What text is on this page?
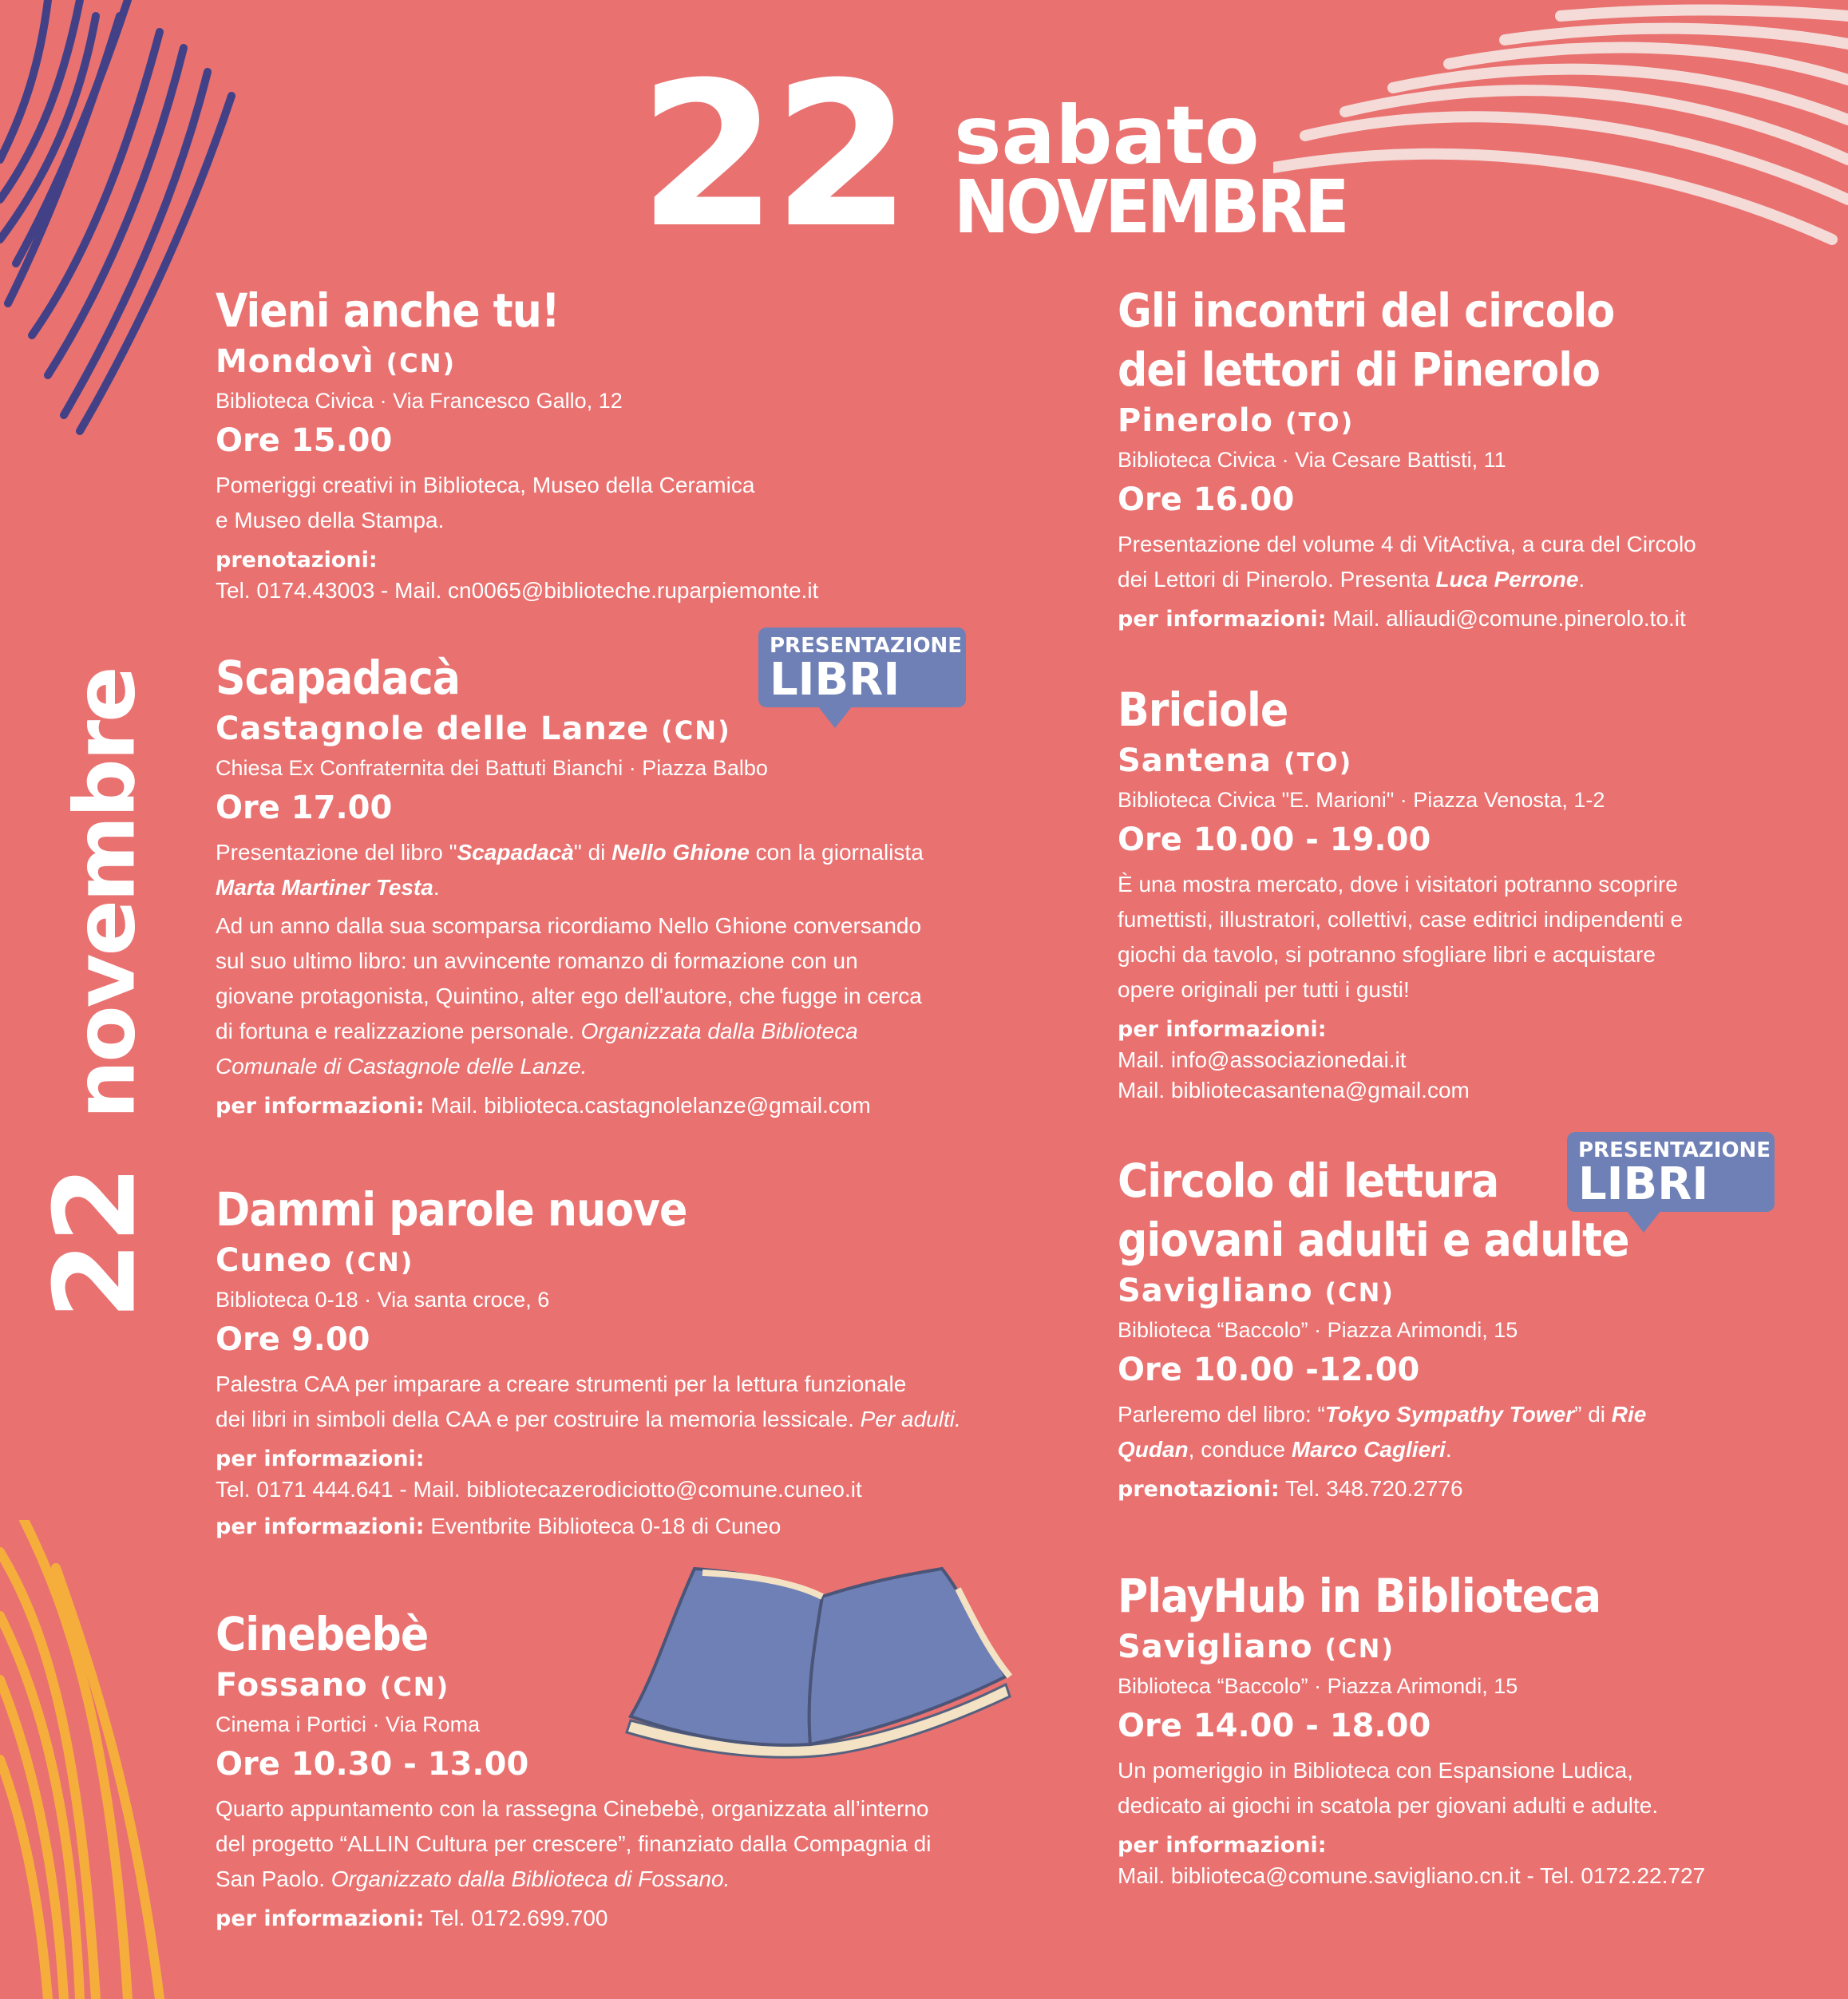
22 sabato
NOVEMBRE
22novembre
Vieni anche tu!
Mondovì (CN)
Biblioteca Civica · Via Francesco Gallo, 12
Ore 15.00
Pomeriggi creativi in Biblioteca, Museo della Ceramica
e Museo della Stampa.
prenotazioni:
Tel. 0174.43003 - Mail. cn0065@biblioteche.ruparpiemonte.it
Scapadacà
Castagnole delle Lanze (CN)
Chiesa Ex Confraternita dei Battuti Bianchi · Piazza Balbo
Ore 17.00
Presentazione del libro "Scapadacà" di Nello Ghione con la giornalista
Marta Martiner Testa.
Ad un anno dalla sua scomparsa ricordiamo Nello Ghione conversando
sul suo ultimo libro: un avvincente romanzo di formazione con un
giovane protagonista, Quintino, alter ego dell'autore, che fugge in cerca
di fortuna e realizzazione personale. Organizzata dalla Biblioteca
Comunale di Castagnole delle Lanze.
per informazioni: Mail. biblioteca.castagnolelanze@gmail.com
PRESENTAZIONE
LIBRI
Dammi parole nuove
Cuneo (CN)
Biblioteca 0-18 · Via santa croce, 6
Ore 9.00
Palestra CAA per imparare a creare strumenti per la lettura funzionale
dei libri in simboli della CAA e per costruire la memoria lessicale. Per adulti.
per informazioni:
Tel. 0171 444.641 - Mail. bibliotecazerodiciotto@comune.cuneo.it
per informazioni: Eventbrite Biblioteca 0-18 di Cuneo
Cinebebè
Fossano (CN)
Cinema i Portici · Via Roma
Ore 10.30 - 13.00
Quarto appuntamento con la rassegna Cinebebè, organizzata all’interno
del progetto “ALLIN Cultura per crescere”, finanziato dalla Compagnia di
San Paolo. Organizzato dalla Biblioteca di Fossano.
per informazioni: Tel. 0172.699.700
Gli incontri del circolo
dei lettori di Pinerolo
Pinerolo (TO)
Biblioteca Civica · Via Cesare Battisti, 11
Ore 16.00
Presentazione del volume 4 di VitActiva, a cura del Circolo
dei Lettori di Pinerolo. Presenta Luca Perrone.
per informazioni: Mail. alliaudi@comune.pinerolo.to.it
Briciole
Santena (TO)
Biblioteca Civica "E. Marioni" · Piazza Venosta, 1-2
Ore 10.00 - 19.00
È una mostra mercato, dove i visitatori potranno scoprire
fumettisti, illustratori, collettivi, case editrici indipendenti e
giochi da tavolo, si potranno sfogliare libri e acquistare
opere originali per tutti i gusti!
per informazioni:
Mail. info@associazionedai.it
Mail. bibliotecasantena@gmail.com
Circolo di lettura
giovani adulti e adulte
Savigliano (CN)
Biblioteca “Baccolo” · Piazza Arimondi, 15
Ore 10.00 -12.00
Parleremo del libro: “Tokyo Sympathy Tower” di Rie
Qudan, conduce Marco Caglieri.
prenotazioni: Tel. 348.720.2776
PRESENTAZIONE
LIBRI
PlayHub in Biblioteca
Savigliano (CN)
Biblioteca “Baccolo” · Piazza Arimondi, 15
Ore 14.00 - 18.00
Un pomeriggio in Biblioteca con Espansione Ludica,
dedicato ai giochi in scatola per giovani adulti e adulte.
per informazioni:
Mail. biblioteca@comune.savigliano.cn.it - Tel. 0172.22.727
